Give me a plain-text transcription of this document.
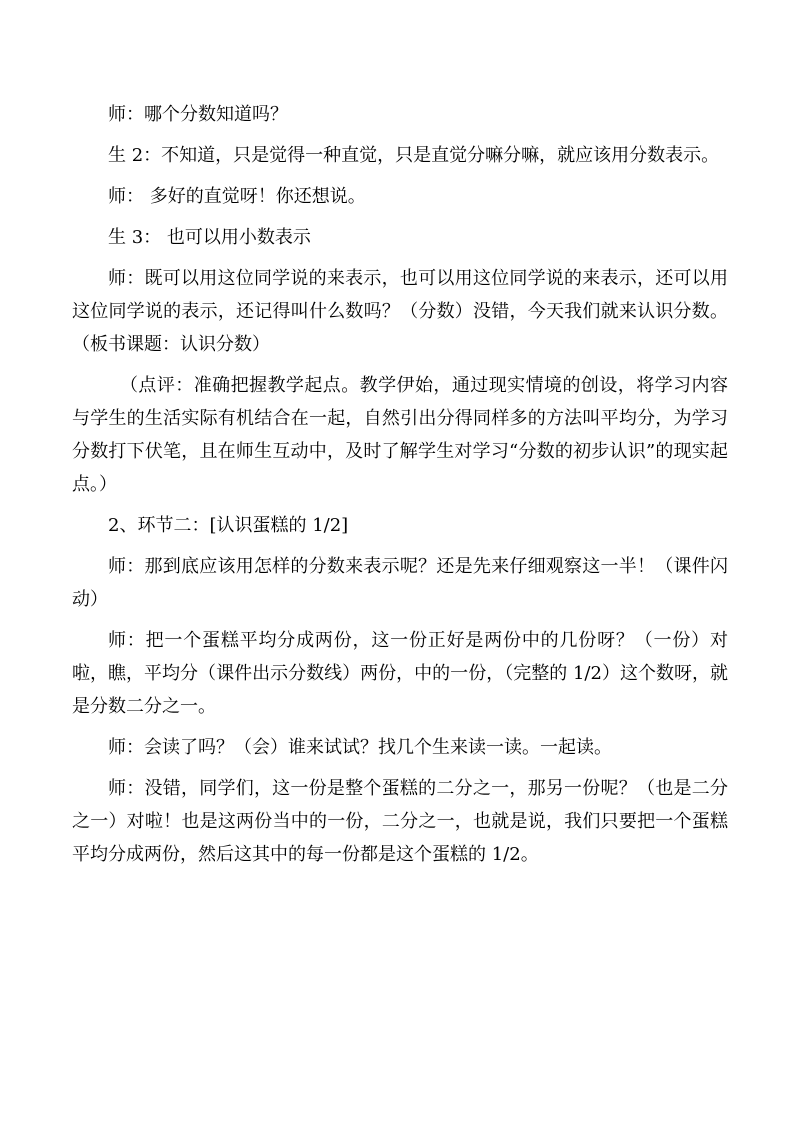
师：哪个分数知道吗？

生 2：不知道，只是觉得一种直觉，只是直觉分嘛分嘛，就应该用分数表示。

师： 多好的直觉呀！你还想说。

生 3： 也可以用小数表示

师：既可以用这位同学说的来表示，也可以用这位同学说的来表示，还可以用这位同学说的表示，还记得叫什么数吗？（分数）没错，今天我们就来认识分数。（板书课题：认识分数）

（点评：准确把握教学起点。教学伊始，通过现实情境的创设，将学习内容与学生的生活实际有机结合在一起，自然引出分得同样多的方法叫平均分，为学习分数打下伏笔，且在师生互动中，及时了解学生对学习“分数的初步认识”的现实起点。）

2、环节二：[认识蛋糕的 1/2]

师：那到底应该用怎样的分数来表示呢？还是先来仔细观察这一半！（课件闪动）

师：把一个蛋糕平均分成两份，这一份正好是两份中的几份呀？（一份）对啦，瞧，平均分（课件出示分数线）两份，中的一份，（完整的 1/2）这个数呀，就是分数二分之一。

师：会读了吗？（会）谁来试试？找几个生来读一读。一起读。

师：没错，同学们，这一份是整个蛋糕的二分之一，那另一份呢？（也是二分之一）对啦！也是这两份当中的一份，二分之一，也就是说，我们只要把一个蛋糕平均分成两份，然后这其中的每一份都是这个蛋糕的 1/2。
